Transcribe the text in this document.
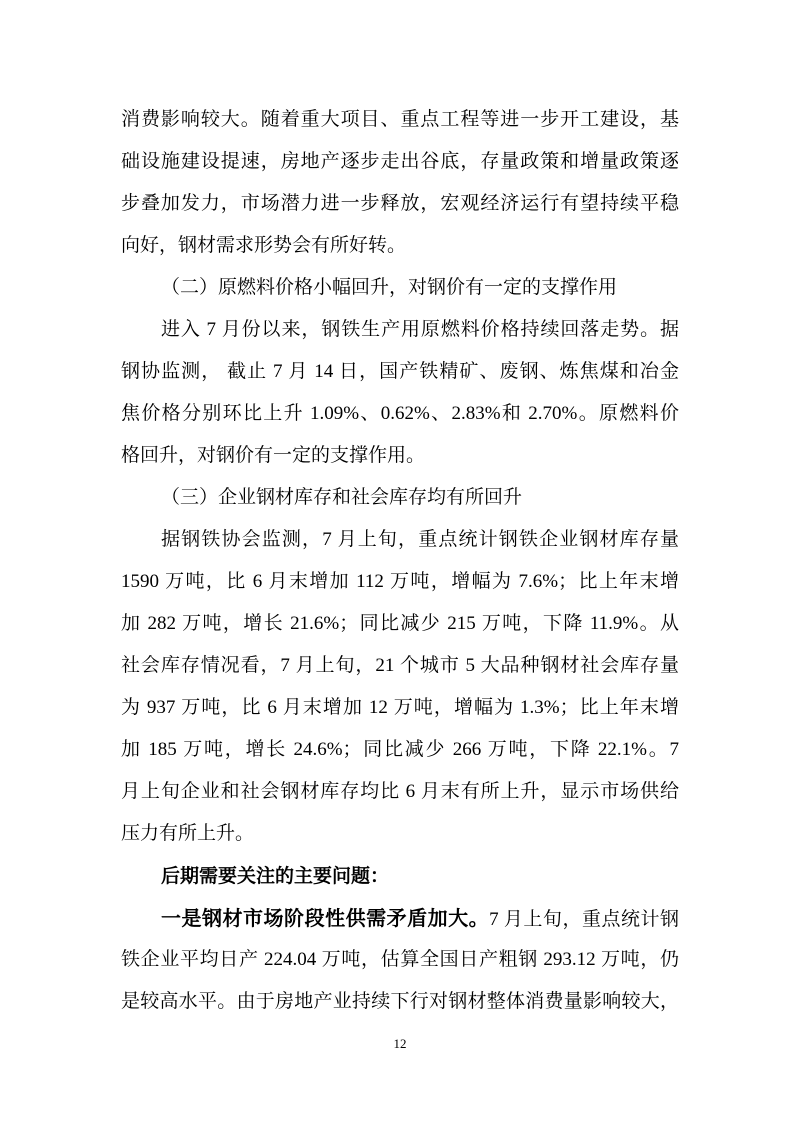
消费影响较大。随着重大项目、重点工程等进一步开工建设，基
础设施建设提速，房地产逐步走出谷底，存量政策和增量政策逐
步叠加发力，市场潜力进一步释放，宏观经济运行有望持续平稳
向好，钢材需求形势会有所好转。
（二）原燃料价格小幅回升，对钢价有一定的支撑作用
进入 7 月份以来，钢铁生产用原燃料价格持续回落走势。据
钢协监测， 截止 7 月 14 日，国产铁精矿、废钢、炼焦煤和冶金
焦价格分别环比上升 1.09%、0.62%、2.83%和 2.70%。原燃料价
格回升，对钢价有一定的支撑作用。
（三）企业钢材库存和社会库存均有所回升
据钢铁协会监测，7 月上旬，重点统计钢铁企业钢材库存量
1590 万吨，比 6 月末增加 112 万吨，增幅为 7.6%；比上年末增
加 282 万吨，增长 21.6%；同比减少 215 万吨，下降 11.9%。从
社会库存情况看，7 月上旬，21 个城市 5 大品种钢材社会库存量
为 937 万吨，比 6 月末增加 12 万吨，增幅为 1.3%；比上年末增
加 185 万吨，增长 24.6%；同比减少 266 万吨，下降 22.1%。7
月上旬企业和社会钢材库存均比 6 月末有所上升，显示市场供给
压力有所上升。
后期需要关注的主要问题：
一是钢材市场阶段性供需矛盾加大。7 月上旬，重点统计钢
铁企业平均日产 224.04 万吨，估算全国日产粗钢 293.12 万吨，仍
是较高水平。由于房地产业持续下行对钢材整体消费量影响较大，
12
